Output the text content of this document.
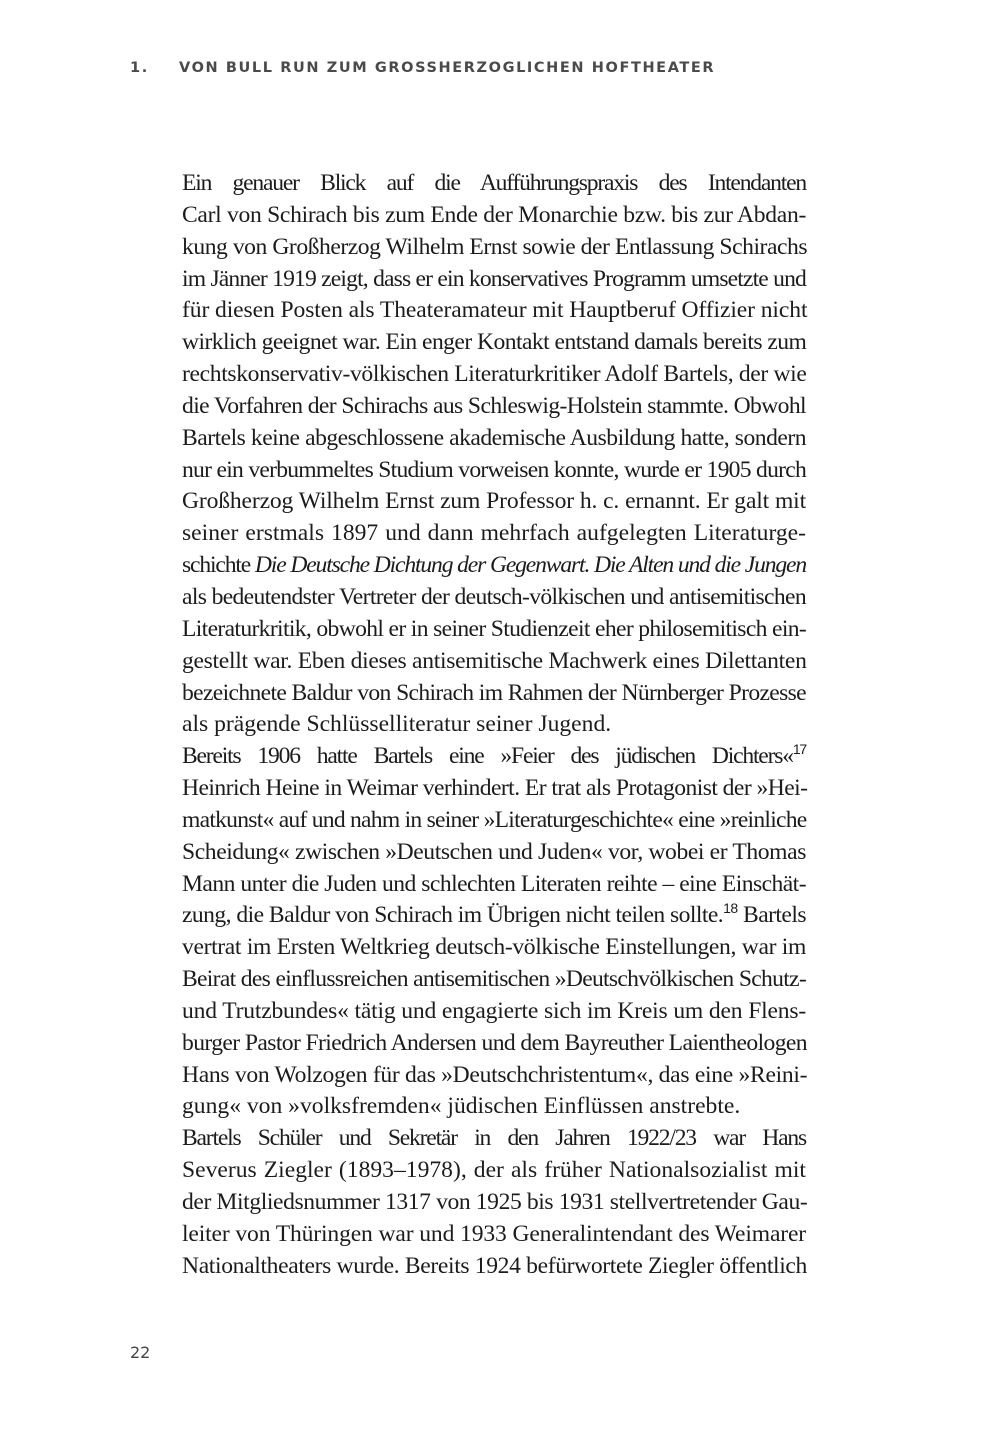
1. VON BULL RUN ZUM GROSSHERZOGLICHEN HOFTHEATER

Ein genauer Blick auf die Aufführungspraxis des Intendanten
Carl von Schirach bis zum Ende der Monarchie bzw. bis zur Abdan-
kung von Großherzog Wilhelm Ernst sowie der Entlassung Schirachs
im Jänner 1919 zeigt, dass er ein konservatives Programm umsetzte und
für diesen Posten als Theateramateur mit Hauptberuf Offizier nicht
wirklich geeignet war. Ein enger Kontakt entstand damals bereits zum
rechtskonservativ-völkischen Literaturkritiker Adolf Bartels, der wie
die Vorfahren der Schirachs aus Schleswig-Holstein stammte. Obwohl
Bartels keine abgeschlossene akademische Ausbildung hatte, sondern
nur ein verbummeltes Studium vorweisen konnte, wurde er 1905 durch
Großherzog Wilhelm Ernst zum Professor h. c. ernannt. Er galt mit
seiner erstmals 1897 und dann mehrfach aufgelegten Literaturge-
schichte Die Deutsche Dichtung der Gegenwart. Die Alten und die Jungen
als bedeutendster Vertreter der deutsch-völkischen und antisemitischen
Literaturkritik, obwohl er in seiner Studienzeit eher philosemitisch ein-
gestellt war. Eben dieses antisemitische Machwerk eines Dilettanten
bezeichnete Baldur von Schirach im Rahmen der Nürnberger Prozesse
als prägende Schlüsselliteratur seiner Jugend.

Bereits 1906 hatte Bartels eine »Feier des jüdischen Dichters«$^{17}$
Heinrich Heine in Weimar verhindert. Er trat als Protagonist der »Hei-
matkunst« auf und nahm in seiner »Literaturgeschichte« eine »reinliche
Scheidung« zwischen »Deutschen und Juden« vor, wobei er Thomas
Mann unter die Juden und schlechten Literaten reihte – eine Einschät-
zung, die Baldur von Schirach im Übrigen nicht teilen sollte.$^{18}$ Bartels
vertrat im Ersten Weltkrieg deutsch-völkische Einstellungen, war im
Beirat des einflussreichen antisemitischen »Deutschvölkischen Schutz-
und Trutzbundes« tätig und engagierte sich im Kreis um den Flens-
burger Pastor Friedrich Andersen und dem Bayreuther Laientheologen
Hans von Wolzogen für das »Deutschchristentum«, das eine »Reini-
gung« von »volksfremden« jüdischen Einflüssen anstrebte.

Bartels Schüler und Sekretär in den Jahren 1922/23 war Hans
Severus Ziegler (1893–1978), der als früher Nationalsozialist mit
der Mitgliedsnummer 1317 von 1925 bis 1931 stellvertretender Gau-
leiter von Thüringen war und 1933 Generalintendant des Weimarer
Nationaltheaters wurde. Bereits 1924 befürwortete Ziegler öffentlich

22
